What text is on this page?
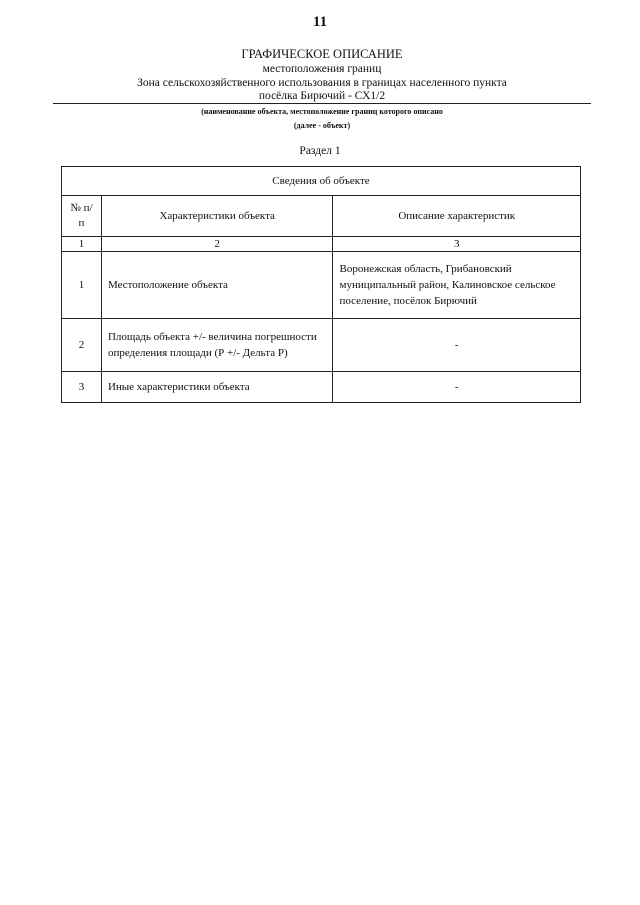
11
ГРАФИЧЕСКОЕ ОПИСАНИЕ
местоположения границ
Зона сельскохозяйственного использования в границах населенного пункта
посёлка Бирючий - СХ1/2
(наименование объекта, местоположение границ которого описано
(далее - объект)
Раздел 1
Сведения об объекте		

№ п/п	Характеристики объекта	Описание характеристик
1	2	3
1	Местоположение объекта	Воронежская область, Грибановский муниципальный район, Калиновское сельское поселение, посёлок Бирючий

2	Площадь объекта +/- величина погрешности определения площади (Р +/- Дельта Р)	-
3	Иные характеристики объекта	-
